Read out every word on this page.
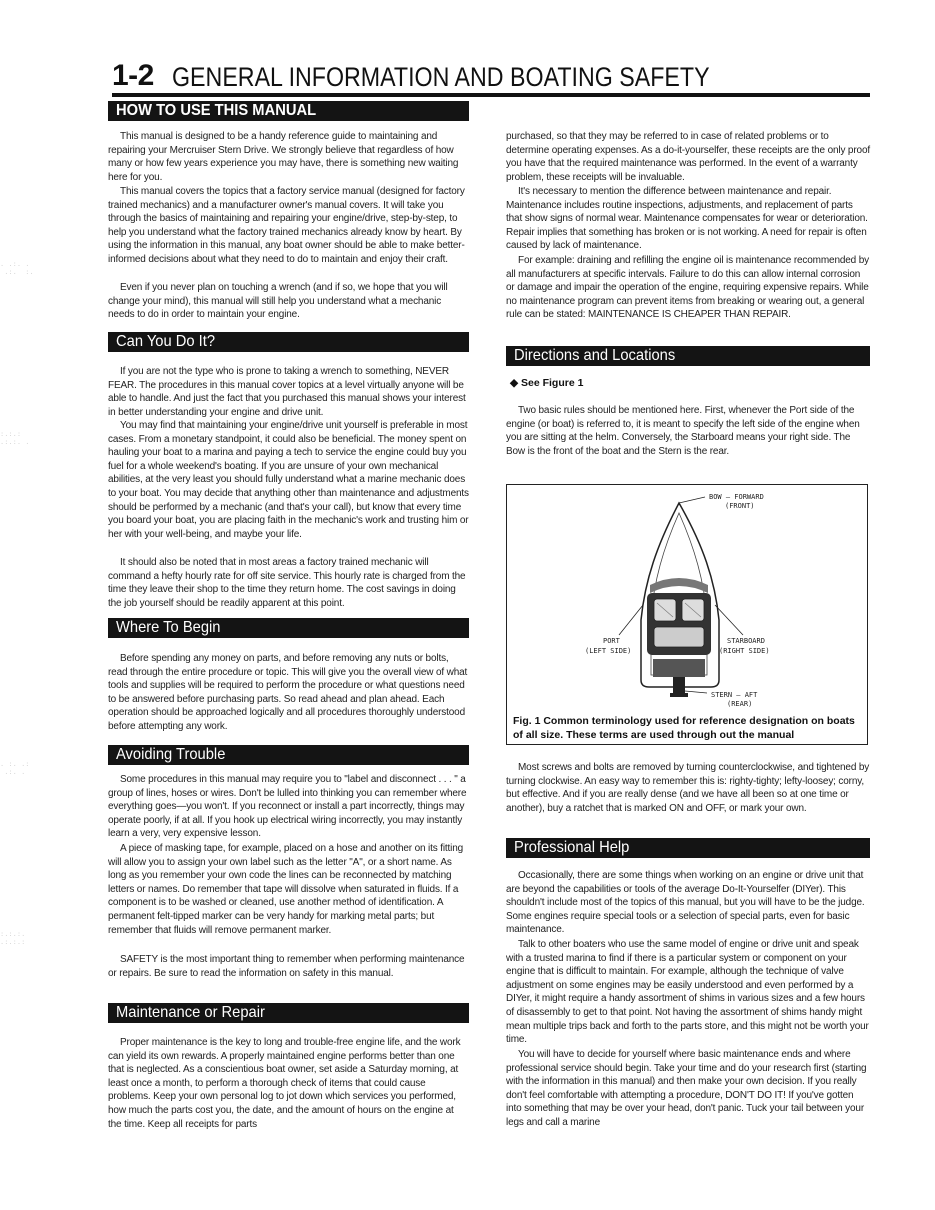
1-2 GENERAL INFORMATION AND BOATING SAFETY
HOW TO USE THIS MANUAL

This manual is designed to be a handy reference guide to maintaining and repairing your Mercruiser Stern Drive. We strongly believe that regardless of how many or how few years experience you may have, there is something new waiting here for you.

This manual covers the topics that a factory service manual (designed for factory trained mechanics) and a manufacturer owner's manual covers. It will take you through the basics of maintaining and repairing your engine/drive, step-by-step, to help you understand what the factory trained mechanics already know by heart. By using the information in this manual, any boat owner should be able to make better-informed decisions about what they need to do to maintain and enjoy their craft.

Even if you never plan on touching a wrench (and if so, we hope that you will change your mind), this manual will still help you understand what a mechanic needs to do in order to maintain your engine.

Can You Do It?

If you are not the type who is prone to taking a wrench to something, NEVER FEAR. The procedures in this manual cover topics at a level virtually anyone will be able to handle. And just the fact that you purchased this manual shows your interest in better understanding your engine and drive unit.

You may find that maintaining your engine/drive unit yourself is preferable in most cases. From a monetary standpoint, it could also be beneficial. The money spent on hauling your boat to a marina and paying a tech to service the engine could buy you fuel for a whole weekend's boating. If you are unsure of your own mechanical abilities, at the very least you should fully understand what a marine mechanic does to your boat. You may decide that anything other than maintenance and adjustments should be performed by a mechanic (and that's your call), but know that every time you board your boat, you are placing faith in the mechanic's work and trusting him or her with your well-being, and maybe your life.

It should also be noted that in most areas a factory trained mechanic will command a hefty hourly rate for off site service. This hourly rate is charged from the time they leave their shop to the time they return home. The cost savings in doing the job yourself should be readily apparent at this point.

Where To Begin

Before spending any money on parts, and before removing any nuts or bolts, read through the entire procedure or topic. This will give you the overall view of what tools and supplies will be required to perform the procedure or what questions need to be answered before purchasing parts. So read ahead and plan ahead. Each operation should be approached logically and all procedures thoroughly understood before attempting any work.

Avoiding Trouble

Some procedures in this manual may require you to "label and disconnect . . . " a group of lines, hoses or wires. Don't be lulled into thinking you can remember where everything goes—you won't. If you reconnect or install a part incorrectly, things may operate poorly, if at all. If you hook up electrical wiring incorrectly, you may instantly learn a very, very expensive lesson.

A piece of masking tape, for example, placed on a hose and another on its fitting will allow you to assign your own label such as the letter "A", or a short name. As long as you remember your own code the lines can be reconnected by matching letters or names. Do remember that tape will dissolve when saturated in fluids. If a component is to be washed or cleaned, use another method of identification. A permanent felt-tipped marker can be very handy for marking metal parts; but remember that fluids will remove permanent marker.

SAFETY is the most important thing to remember when performing maintenance or repairs. Be sure to read the information on safety in this manual.

Maintenance or Repair

Proper maintenance is the key to long and trouble-free engine life, and the work can yield its own rewards. A properly maintained engine performs better than one that is neglected. As a conscientious boat owner, set aside a Saturday morning, at least once a month, to perform a thorough check of items that could cause problems. Keep your own personal log to jot down which services you performed, how much the parts cost you, the date, and the amount of hours on the engine at the time. Keep all receipts for parts

purchased, so that they may be referred to in case of related problems or to determine operating expenses. As a do-it-yourselfer, these receipts are the only proof you have that the required maintenance was performed. In the event of a warranty problem, these receipts will be invaluable.

It's necessary to mention the difference between maintenance and repair. Maintenance includes routine inspections, adjustments, and replacement of parts that show signs of normal wear. Maintenance compensates for wear or deterioration. Repair implies that something has broken or is not working. A need for repair is often caused by lack of maintenance.

For example: draining and refilling the engine oil is maintenance recommended by all manufacturers at specific intervals. Failure to do this can allow internal corrosion or damage and impair the operation of the engine, requiring expensive repairs. While no maintenance program can prevent items from breaking or wearing out, a general rule can be stated: MAINTENANCE IS CHEAPER THAN REPAIR.

Directions and Locations
◆ See Figure 1

Two basic rules should be mentioned here. First, whenever the Port side of the engine (or boat) is referred to, it is meant to specify the left side of the engine when you are sitting at the helm. Conversely, the Starboard means your right side. The Bow is the front of the boat and the Stern is the rear.

BOW — FORWARD
(FRONT)
PORT
(LEFT SIDE)
STARBOARD
(RIGHT SIDE)
STERN — AFT
(REAR)
Fig. 1 Common terminology used for reference designation on boats of all size. These terms are used through out the manual

Most screws and bolts are removed by turning counterclockwise, and tightened by turning clockwise. An easy way to remember this is: righty-tighty; lefty-loosey; corny, but effective. And if you are really dense (and we have all been so at one time or another), buy a ratchet that is marked ON and OFF, or mark your own.

Professional Help

Occasionally, there are some things when working on an engine or drive unit that are beyond the capabilities or tools of the average Do-It-Yourselfer (DIYer). This shouldn't include most of the topics of this manual, but you will have to be the judge. Some engines require special tools or a selection of special parts, even for basic maintenance.

Talk to other boaters who use the same model of engine or drive unit and speak with a trusted marina to find if there is a particular system or component on your engine that is difficult to maintain. For example, although the technique of valve adjustment on some engines may be easily understood and even performed by a DIYer, it might require a handy assortment of shims in various sizes and a few hours of disassembly to get to that point. Not having the assortment of shims handy might mean multiple trips back and forth to the parts store, and this might not be worth your time.

You will have to decide for yourself where basic maintenance ends and where professional service should begin. Take your time and do your research first (starting with the information in this manual) and then make your own decision. If you really don't feel comfortable with attempting a procedure, DON'T DO IT! If you've gotten into something that may be over your head, don't panic. Tuck your tail between your legs and call a marine

. .:. .
.:.  :.
:.:.:
.:.:. .
. :. .:
.:. .
:.:.:.
.:.:.:
